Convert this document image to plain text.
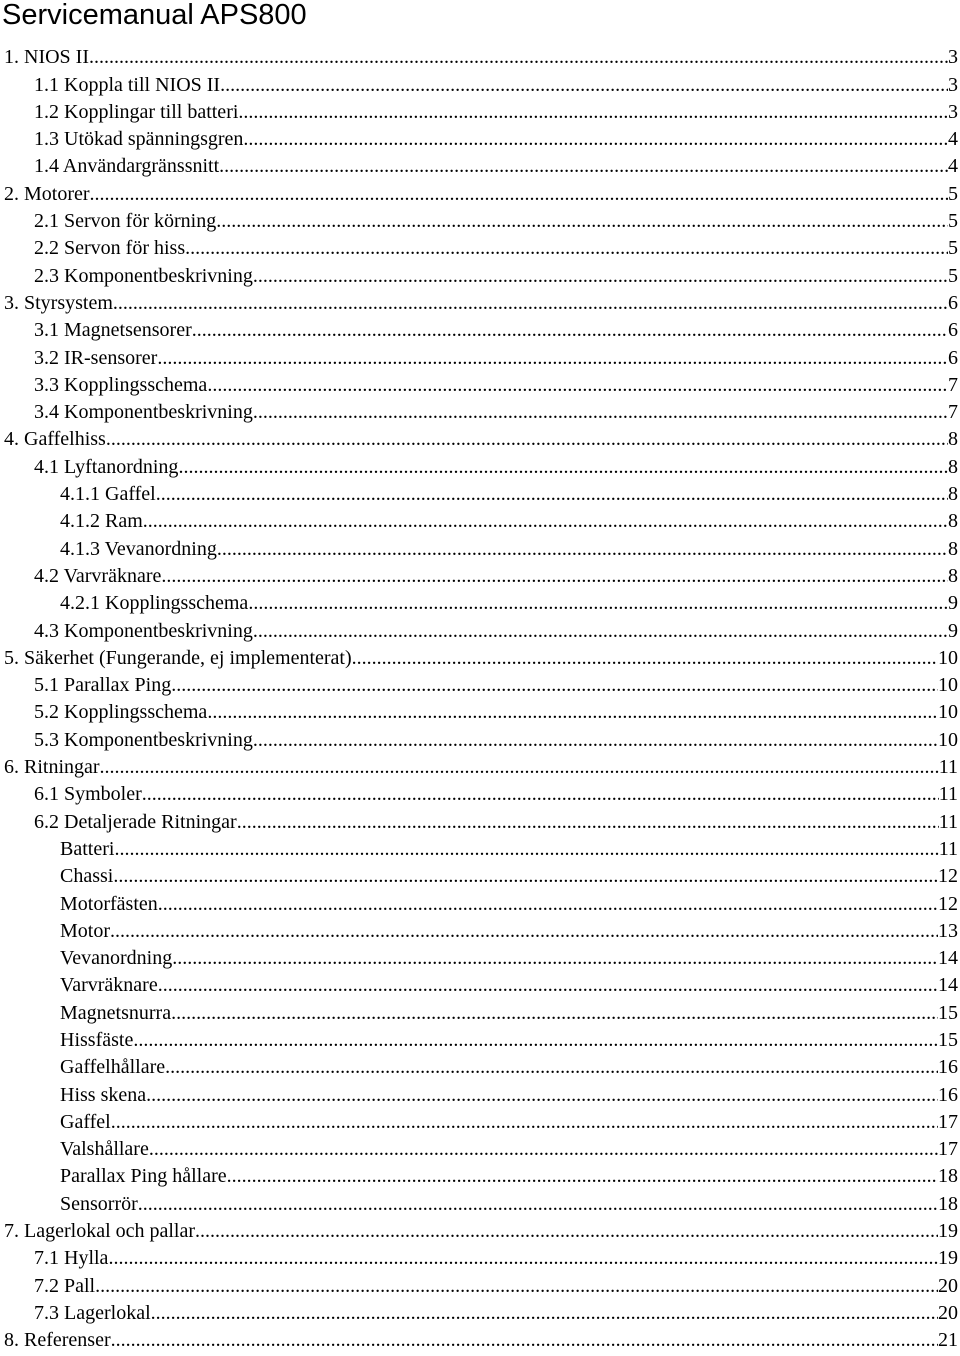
Servicemanual APS800
1. NIOS II .....	3
1.1 Koppla till NIOS II .....	3
1.2 Kopplingar till batteri .....	3
1.3 Utökad spänningsgren .....	4
1.4 Användargränssnitt .....	4
2. Motorer .....	5
2.1 Servon för körning .....	5
2.2 Servon för hiss .....	5
2.3 Komponentbeskrivning .....	5
3. Styrsystem .....	6
3.1 Magnetsensorer .....	6
3.2 IR-sensorer .....	6
3.3 Kopplingsschema .....	7
3.4 Komponentbeskrivning .....	7
4. Gaffelhiss .....	8
4.1 Lyftanordning .....	8
4.1.1 Gaffel .....	8
4.1.2 Ram .....	8
4.1.3 Vevanordning .....	8
4.2 Varvräknare .....	8
4.2.1 Kopplingsschema .....	9
4.3 Komponentbeskrivning .....	9
5. Säkerhet (Fungerande, ej implementerat) .....	10
5.1 Parallax Ping .....	10
5.2 Kopplingsschema .....	10
5.3 Komponentbeskrivning .....	10
6. Ritningar .....	11
6.1 Symboler .....	11
6.2 Detaljerade Ritningar .....	11
Batteri .....	11
Chassi .....	12
Motorfästen .....	12
Motor .....	13
Vevanordning .....	14
Varvräknare .....	14
Magnetsnurra .....	15
Hissfäste .....	15
Gaffelhållare .....	16
Hiss skena .....	16
Gaffel .....	17
Valshållare .....	17
Parallax Ping hållare .....	18
Sensorrör .....	18
7. Lagerlokal och pallar .....	19
7.1 Hylla .....	19
7.2 Pall .....	20
7.3 Lagerlokal .....	20
8. Referenser .....	21
